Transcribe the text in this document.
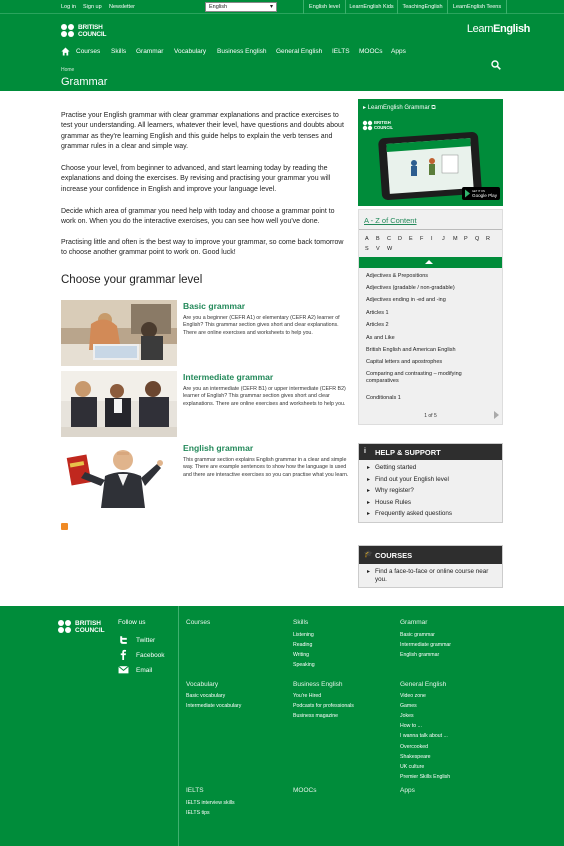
Log in Sign up Newsletter	English	▾	English level	LearnEnglish Kids	TeachingEnglish	LearnEnglish Teens
BRITISH
COUNCIL	LearnEnglish
Courses Skills Grammar Vocabulary Business English General English IELTS MOOCs Apps
Home
Grammar

Practise your English grammar with clear grammar explanations and practice exercises to test your understanding. All learners, whatever their level, have questions and doubts about grammar as they're learning English and this guide helps to explain the verb tenses and grammar rules in a clear and simple way.

Choose your level, from beginner to advanced, and start learning today by reading the explanations and doing the exercises. By revising and practising your grammar you will increase your confidence in English and improve your language level.

Decide which area of grammar you need help with today and choose a grammar point to work on. When you do the interactive exercises, you can see how well you've done.

Practising little and often is the best way to improve your grammar, so come back tomorrow to choose another grammar point to work on. Good luck!

Choose your grammar level
Basic grammar
Are you a beginner (CEFR A1) or elementary (CEFR A2) learner of English? This grammar section gives short and clear explanations. There are online exercises and worksheets to help you.
Intermediate grammar
Are you an intermediate (CEFR B1) or upper intermediate (CEFR B2) learner of English? This grammar section gives short and clear explanations. There are online exercises and worksheets to help you.
English grammar
This grammar section explains English grammar in a clear and simple way. There are example sentences to show how the language is used and there are interactive exercises so you can practise what you learn.
▸ LearnEnglish Grammar ⧉
BRITISH
COUNCIL
GET IT ON
Google Play
A - Z of Content
A B C D E F I J M P Q RS V W
Adjectives & Prepositions
Adjectives (gradable / non-gradable)
Adjectives ending in -ed and -ing
Articles 1
Articles 2
As and Like
British English and American English
Capital letters and apostrophes
Comparing and contrasting – modifying comparatives
Conditionals 1
1 of 5
i HELP & SUPPORT
▸ Getting started
▸ Find out your English level
▸ Why register?
▸ House Rules
▸ Frequently asked questions
🎓 COURSES
▸ Find a face-to-face or online course near you.
BRITISH
COUNCIL
Follow us
Twitter
Facebook
Email
Courses	Skills
Listening
Reading
Writing
Speaking
Grammar
Basic grammar
Intermediate grammar
English grammar
Vocabulary
Basic vocabulary
Intermediate vocabulary
Business English
You're Hired
Podcasts for professionals
Business magazine
General English
Video zone
Games
Jokes
How to ...
I wanna talk about ...
Overcooked
Shakespeare
UK culture
Premier Skills English
IELTS
IELTS interview skills
IELTS tips
MOOCs	Apps
